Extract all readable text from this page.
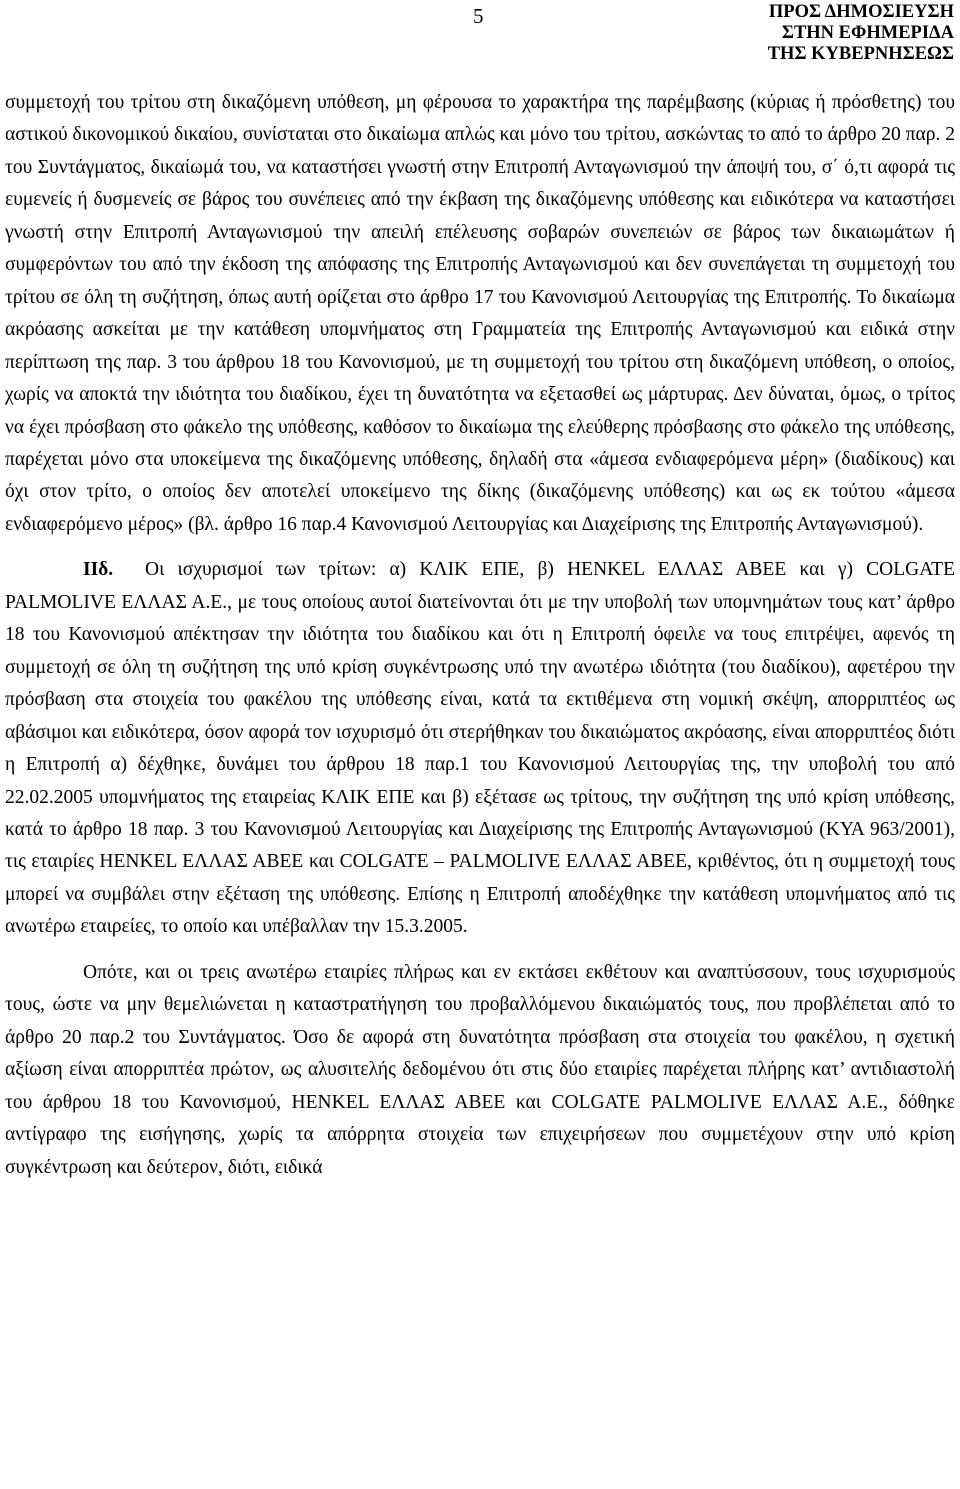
5	ΠΡΟΣ ΔΗΜΟΣΙΕΥΣΗ
ΣΤΗΝ ΕΦΗΜΕΡΙΔΑ
ΤΗΣ ΚΥΒΕΡΝΗΣΕΩΣ

συμμετοχή του τρίτου στη δικαζόμενη υπόθεση, μη φέρουσα το χαρακτήρα της παρέμβασης (κύριας ή πρόσθετης) του αστικού δικονομικού δικαίου, συνίσταται στο δικαίωμα απλώς και μόνο του τρίτου, ασκώντας το από το άρθρο 20 παρ. 2 του Συντάγματος, δικαίωμά του, να καταστήσει γνωστή στην Επιτροπή Ανταγωνισμού την άποψή του, σ΄ ό,τι αφορά τις ευμενείς ή δυσμενείς σε βάρος του συνέπειες από την έκβαση της δικαζόμενης υπόθεσης και ειδικότερα να καταστήσει γνωστή στην Επιτροπή Ανταγωνισμού την απειλή επέλευσης σοβαρών συνεπειών σε βάρος των δικαιωμάτων ή συμφερόντων του από την έκδοση της απόφασης της Επιτροπής Ανταγωνισμού και δεν συνεπάγεται τη συμμετοχή του τρίτου σε όλη τη συζήτηση, όπως αυτή ορίζεται στο άρθρο 17 του Κανονισμού Λειτουργίας της Επιτροπής. Το δικαίωμα ακρόασης ασκείται με την κατάθεση υπομνήματος στη Γραμματεία της Επιτροπής Ανταγωνισμού και ειδικά στην περίπτωση της παρ. 3 του άρθρου 18 του Κανονισμού, με τη συμμετοχή του τρίτου στη δικαζόμενη υπόθεση, ο οποίος, χωρίς να αποκτά την ιδιότητα του διαδίκου, έχει τη δυνατότητα να εξετασθεί ως μάρτυρας. Δεν δύναται, όμως, ο τρίτος να έχει πρόσβαση στο φάκελο της υπόθεσης, καθόσον το δικαίωμα της ελεύθερης πρόσβασης στο φάκελο της υπόθεσης, παρέχεται μόνο στα υποκείμενα της δικαζόμενης υπόθεσης, δηλαδή στα «άμεσα ενδιαφερόμενα μέρη» (διαδίκους) και όχι στον τρίτο, ο οποίος δεν αποτελεί υποκείμενο της δίκης (δικαζόμενης υπόθεσης) και ως εκ τούτου «άμεσα ενδιαφερόμενο μέρος» (βλ. άρθρο 16 παρ.4 Κανονισμού Λειτουργίας και Διαχείρισης της Επιτροπής Ανταγωνισμού).

ΙΙδ. Οι ισχυρισμοί των τρίτων: α) ΚΛΙΚ ΕΠΕ, β) HENKEL ΕΛΛΑΣ ΑΒΕΕ και γ) COLGATE PALMOLIVE ΕΛΛΑΣ Α.Ε., με τους οποίους αυτοί διατείνονται ότι με την υποβολή των υπομνημάτων τους κατ’ άρθρο 18 του Κανονισμού απέκτησαν την ιδιότητα του διαδίκου και ότι η Επιτροπή όφειλε να τους επιτρέψει, αφενός τη συμμετοχή σε όλη τη συζήτηση της υπό κρίση συγκέντρωσης υπό την ανωτέρω ιδιότητα (του διαδίκου), αφετέρου την πρόσβαση στα στοιχεία του φακέλου της υπόθεσης είναι, κατά τα εκτιθέμενα στη νομική σκέψη, απορριπτέος ως αβάσιμοι και ειδικότερα, όσον αφορά τον ισχυρισμό ότι στερήθηκαν του δικαιώματος ακρόασης, είναι απορριπτέος διότι η Επιτροπή α) δέχθηκε, δυνάμει του άρθρου 18 παρ.1 του Κανονισμού Λειτουργίας της, την υποβολή του από 22.02.2005 υπομνήματος της εταιρείας ΚΛΙΚ ΕΠΕ και β) εξέτασε ως τρίτους, την συζήτηση της υπό κρίση υπόθεσης, κατά το άρθρο 18 παρ. 3 του Κανονισμού Λειτουργίας και Διαχείρισης της Επιτροπής Ανταγωνισμού (ΚΥΑ 963/2001), τις εταιρίες HENKEL ΕΛΛΑΣ ΑΒΕΕ και COLGATE – PALMOLIVE ΕΛΛΑΣ ΑΒΕΕ, κριθέντος, ότι η συμμετοχή τους μπορεί να συμβάλει στην εξέταση της υπόθεσης. Επίσης η Επιτροπή αποδέχθηκε την κατάθεση υπομνήματος από τις ανωτέρω εταιρείες, το οποίο και υπέβαλλαν την 15.3.2005.

Οπότε, και οι τρεις ανωτέρω εταιρίες πλήρως και εν εκτάσει εκθέτουν και αναπτύσσουν, τους ισχυρισμούς τους, ώστε να μην θεμελιώνεται η καταστρατήγηση του προβαλλόμενου δικαιώματός τους, που προβλέπεται από το άρθρο 20 παρ.2 του Συντάγματος. Όσο δε αφορά στη δυνατότητα πρόσβαση στα στοιχεία του φακέλου, η σχετική αξίωση είναι απορριπτέα πρώτον, ως αλυσιτελής δεδομένου ότι στις δύο εταιρίες παρέχεται πλήρης κατ’ αντιδιαστολή του άρθρου 18 του Κανονισμού, HENKEL ΕΛΛΑΣ ΑΒΕΕ και COLGATE PALMOLIVE ΕΛΛΑΣ Α.Ε., δόθηκε αντίγραφο της εισήγησης, χωρίς τα απόρρητα στοιχεία των επιχειρήσεων που συμμετέχουν στην υπό κρίση συγκέντρωση και δεύτερον, διότι, ειδικά
